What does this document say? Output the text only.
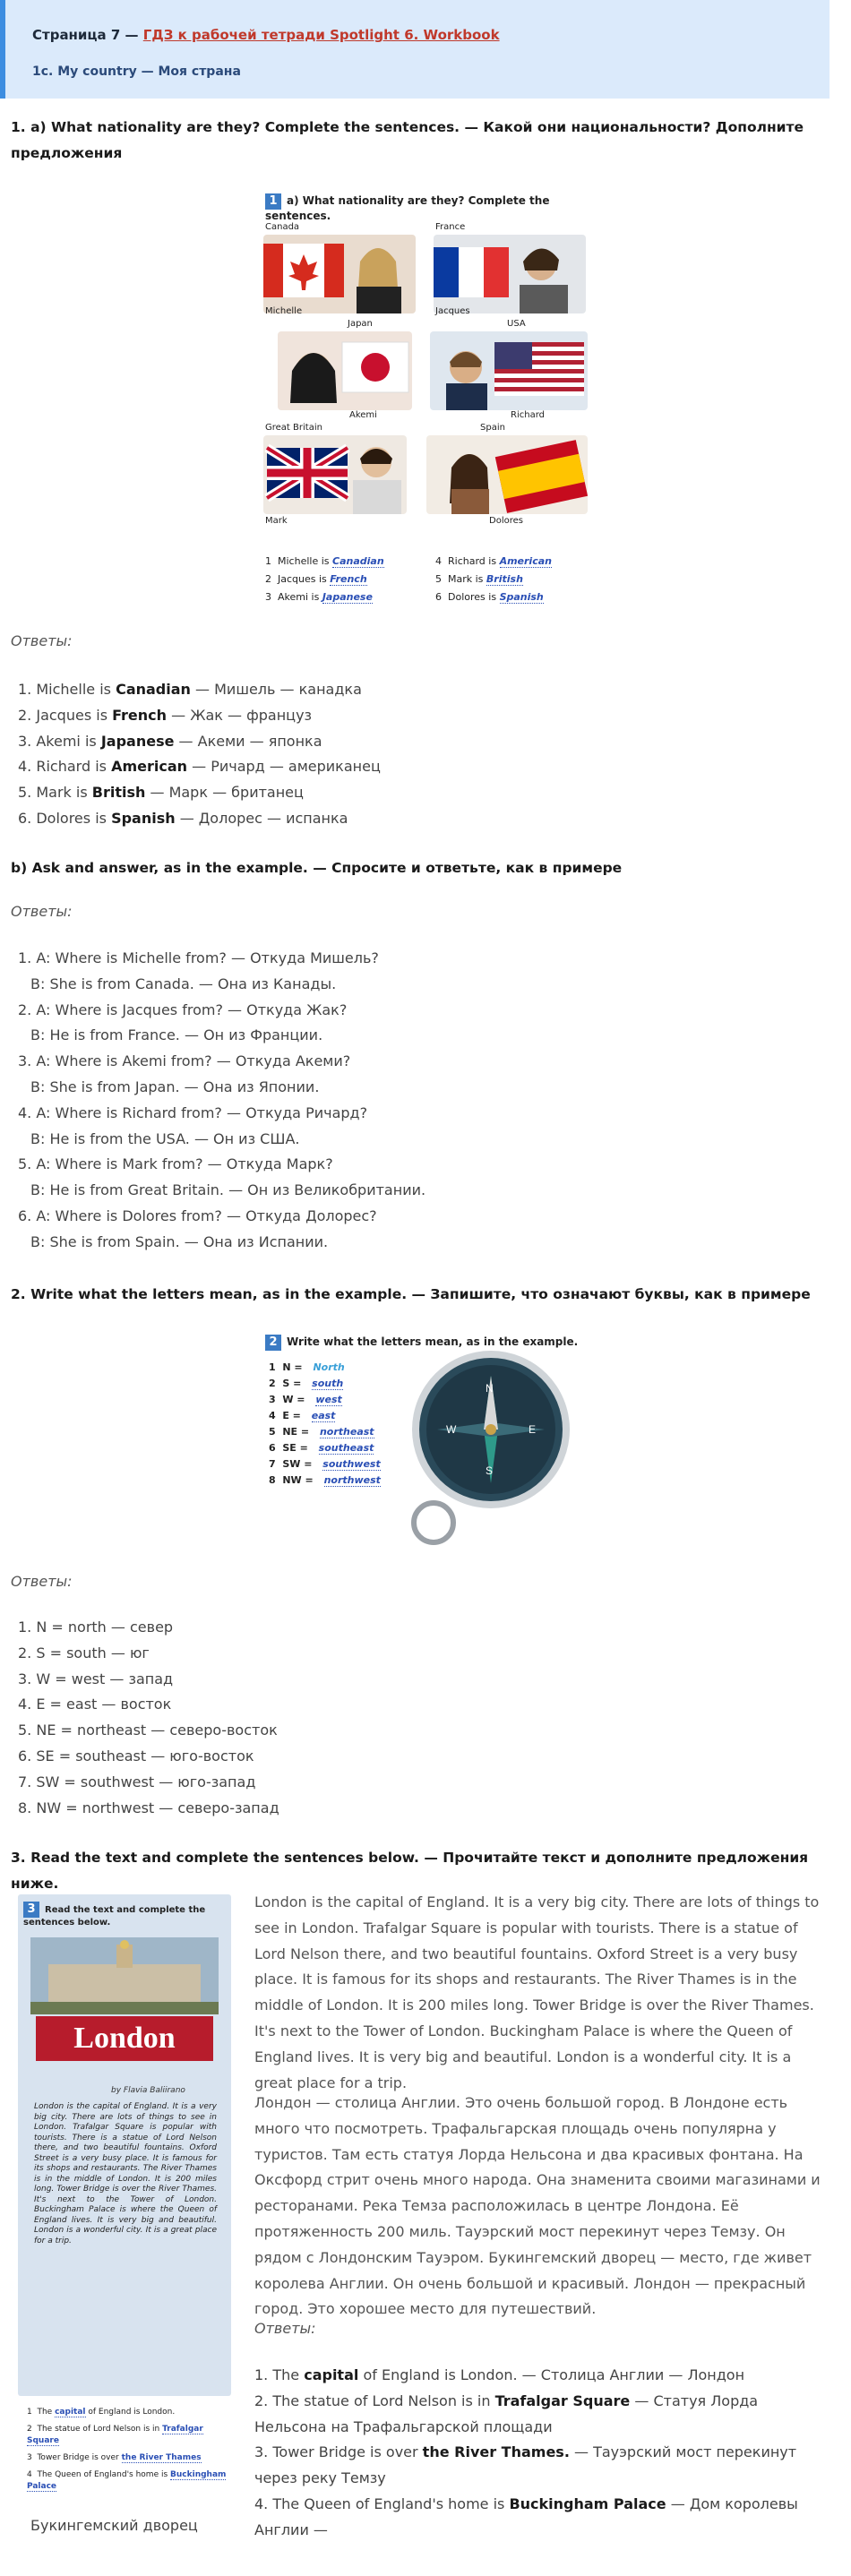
Страница 7 — ГДЗ к рабочей тетради Spotlight 6. Workbook
1c. My country — Моя страна
1. a) What nationality are they? Complete the sentences. — Какой они национальности? Дополните предложения
1 a) What nationality are they? Complete the sentences.
Canada
Michelle
France
Jacques
Japan
Akemi
USA
Richard
Great Britain
Mark
Spain
Dolores
1 Michelle is Canadian
2 Jacques is French
3 Akemi is Japanese
4 Richard is American
5 Mark is British
6 Dolores is Spanish
Ответы:
1. Michelle is Canadian — Мишель — канадка
2. Jacques is French — Жак — француз
3. Akemi is Japanese — Акеми — японка
4. Richard is American — Ричард — американец
5. Mark is British — Марк — британец
6. Dolores is Spanish — Долорес — испанка
b) Ask and answer, as in the example. — Спросите и ответьте, как в примере
Ответы:
1. A: Where is Michelle from? — Откуда Мишель?
B: She is from Canada. — Она из Канады.
2. A: Where is Jacques from? — Откуда Жак?
B: He is from France. — Он из Франции.
3. A: Where is Akemi from? — Откуда Акеми?
B: She is from Japan. — Она из Японии.
4. A: Where is Richard from? — Откуда Ричард?
B: He is from the USA. — Он из США.
5. A: Where is Mark from? — Откуда Марк?
B: He is from Great Britain. — Он из Великобритании.
6. A: Where is Dolores from? — Откуда Долорес?
B: She is from Spain. — Она из Испании.
2. Write what the letters mean, as in the example. — Запишите, что означают буквы, как в примере
2 Write what the letters mean, as in the example.
1 N = North
2 S = south
3 W = west
4 E = east
5 NE = northeast
6 SE = southeast
7 SW = southwest
8 NW = northwest
N
S
W	E
Ответы:
1. N = north — север
2. S = south — юг
3. W = west — запад
4. E = east — восток
5. NE = northeast — северо-восток
6. SE = southeast — юго-восток
7. SW = southwest — юго-запад
8. NW = northwest — северо-запад
3. Read the text and complete the sentences below. — Прочитайте текст и дополните предложения ниже.
3 Read the text and complete the sentences below.
London
by Flavia Baliirano
London is the capital of England. It is a very big city. There are lots of things to see in London. Trafalgar Square is popular with tourists. There is a statue of Lord Nelson there, and two beautiful fountains. Oxford Street is a very busy place. It is famous for its shops and restaurants. The River Thames is in the middle of London. It is 200 miles long. Tower Bridge is over the River Thames. It's next to the Tower of London. Buckingham Palace is where the Queen of England lives. It is very big and beautiful. London is a wonderful city. It is a great place for a trip.
1 The capital of England is London.
2 The statue of Lord Nelson is in Trafalgar Square
3 Tower Bridge is over the River Thames
4 The Queen of England's home is Buckingham Palace
London is the capital of England. It is a very big city. There are lots of things to see in London. Trafalgar Square is popular with tourists. There is a statue of Lord Nelson there, and two beautiful fountains. Oxford Street is a very busy place. It is famous for its shops and restaurants. The River Thames is in the middle of London. It is 200 miles long. Tower Bridge is over the River Thames. It's next to the Tower of London. Buckingham Palace is where the Queen of England lives. It is very big and beautiful. London is a wonderful city. It is a great place for a trip.
Лондон — столица Англии. Это очень большой город. В Лондоне есть много что посмотреть. Трафальгарская площадь очень популярна у туристов. Там есть статуя Лорда Нельсона и два красивых фонтана. На Оксфорд стрит очень много народа. Она знаменита своими магазинами и ресторанами. Река Темза расположилась в центре Лондона. Её протяженность 200 миль. Тауэрский мост перекинут через Темзу. Он рядом с Лондонским Тауэром. Букингемский дворец — место, где живет королева Англии. Он очень большой и красивый. Лондон — прекрасный город. Это хорошее место для путешествий.
Ответы:
1. The capital of England is London. — Столица Англии — Лондон
2. The statue of Lord Nelson is in Trafalgar Square — Статуя Лорда Нельсона на Трафальгарской площади
3. Tower Bridge is over the River Thames. — Тауэрский мост перекинут через реку Темзу
4. The Queen of England's home is Buckingham Palace — Дом королевы Англии —
Букингемский дворец
